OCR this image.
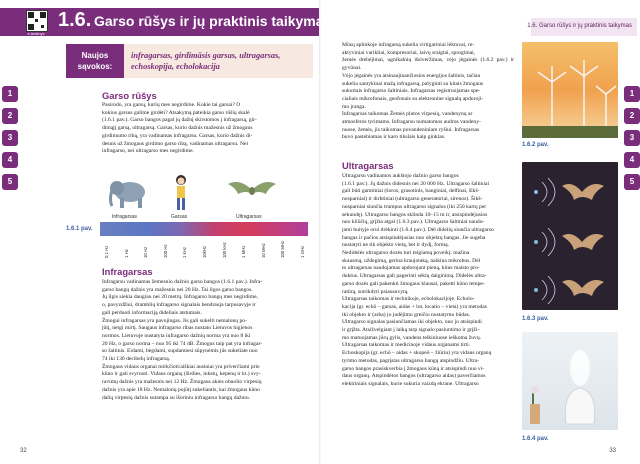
e-leidinys
1.6. Garso rūšys ir jų praktinis taikymas	1.6. Garso rūšys ir jų praktinis taikymas
Naujos sąvokos:
infragarsas, girdimāsis garsas, ultragarsas, echoskopija, echolokacija
1
2
3
4
5
1
2
3
4
5
Garso rūšys
Pasirodo, yra garsų, kurių mes negirdime. Kokie tai garsai? O
kokius garsus galime girdėti? Atsakymą pateikia garso rūšių skalė
(1.6.1 pav.). Garso bangos pagal jų dažnį skirstomos į infragarsą, gir-
dimąjį garsą, ultragarsą. Garsas, kurio dažnis mažesnis už žmogaus
girdimumo ribą, yra vadinamas infragarsu. Garsas, kurio dažnis di-
desnis už žmogaus girdimo garso ribą, vadinamas ultragarsu. Nei
infragarso, nei ultragarso mes negirdime.
Infragarsas	Garsas	Ultragarsas
0,1 Hz	1 Hz	10 Hz	100 Hz	1 kHz	10kHz	100 kHz	1 MHz	10 MHz	100 MHz	1 GHz
1.6.1 pav.
Infragarsas
Infragarsu vadinamas žemesnio dažnio garso bangos (1.6.1 pav.). Infra-
garso bangų dažnis yra mažesnis nei 20 Hz. Tai ilgos garso bangos.
Jų ilgis siekia daugiau nei 20 metrų. Infragarso bangų mes negirdime,
o, pavyzdžiui, dramblių infragarso signalais bendrauja tarpusavyje ir
gali perduoti informaciją dideliais atstumais.
Žmogui infragarsas yra pavojingas. Jis gali sukelti nemalonų po-
jūtį, netgi mirtį. Saugaus infragarso ribas nustato Lietuvos higienos
normos. Lietuvoje nustatyta infragarso dažnių norma yra nuo 8 iki
20 Hz, o garso norma – nuo 95 iki 74 dB. Žmogus taip pat yra infragar-
so šaltinis. Eidami, bėgdami, supdamiesi sūpynėmis jūs sukeliate nuo
74 iki 130 decibelų infragarsą.
Žmogaus vidaus organai mirkčioti/aiškiai ausiniai yra priverčiami prie
kūno ir gali svyruoti. Vidaus organų (širdies, inkstų, kepenų ir kt.) svy-
ravimų dažnis yra mažesnis nei 12 Hz. Žmogaus akies obuolio virpesių
dažnis yra apie 18 Hz. Nemalonų pojūtį sukeliantis, kai žmogaus kūno
dalių virpesių dažnis sutampa su išoriniu infragarso bangų dažniu.
32
Mūsų aplinkoje infragarsą sukelia virtigariniai lėktuvai, re-
aktyviniai varikliai, kompresoriai, laivų sraigtai, sprogimai,
žemės drebėjimai, ugnikalnių išsiveržimas, vėjo jėgainės (1.6.2 pav.) ir gyvūnai.
Vėjo jėgainės yra atsinaujinančiosios energijos šaltinis, tačiau
sukelia santykinai mažą infragarsą, palyginti su kitais žmogaus
sukurtais infragarso šaltiniais. Infragarsas registruojamas spe-
cialiais mikrofonais, geofonais su elektronine signalų apdoroji-
mo įranga.
Infragarsas taikomas Žemės plutos virpesių, vandenynų ar
atmosferos tyrimams. Infragarsu numatomos audros vandeny-
nuose, žemės, jis taikomas povandeniniam ryšiui. Infragarsas
buvo pastebiamas ir karo tikslais kaip ginklas.
1.6.2 pav.
Ultragarsas
Ultragarsu vadinamos aukštojo dažnio garso bangos
(1.6.1 pav.). Jų dažnis didesnis nei 20 000 Hz. Ultragarso šaltiniai
gali būti gamtiniai (šoros, grasotinis, banginiai, delfinai, šikš-
nosparniai) ir dirbtiniai (ultragarso generatoriai, sirenos). Šikš-
nosparniai siunčia trumpus ultragarso signalus (iki 250 kartų per
sekundę). Ultragarso bangos sklinda 10–15 m ir, atsispindėjusios
nuo kliūčių, grįžta atgal (1.6.3 pav.). Ultragarso šaltiniai naudo-
jami buityje orui drėkinti (1.6.4 pav.). Dėl didelių siunčia ultragarso
bangas ir pačios atsispindėjusias nuo objektų bangas. Jie sugeba
nustatyti ne tik objekto vietą, bet ir dydį, formą.
Nedidelės ultragarso dozės turi teigiamą poveikį: mažina
skausmą, uždegimą, gerina kraujotaką, naikina mikrobus. Dėl
to ultragarsas naudojamas apdorojant pieną, kitus maisto pro-
duktus. Ultragarsas gali pagerinti sėklų daiginimą. Didelės ultra-
garso dozės gali pakenkti žmogaus klausai, paketti kūno tempe-
ratūrą, sutrikdyti psiausuvytą.
Ultragarsas taikomas ir technikoje, echolokacijoje. Echolo-
kacija (gr. echō – garsas, aidas + lot. locatio – vieta) yra metodas
iki objekto ir (arba) jo judėjimo greičio nustatymo būdas.
Ultragarso signalas pasiunčiamas iki objekto, nuo jo atsispindi
ir grįžta. Atsižvelgiant į laiką tarp signalo pasiuntimo ir grįži-
mo matuojamas jūrų gylis, vandens telkiniuose ieškoma žuvų.
Ultragarsas taikomas ir medicinoje vidaus organams tirti.
Echoskopija (gr. echō – aidas + skopeō – žiūriu) yra vidaus organų
tyrimo metodas, pagrįstas ultragarso bangų atspindžiu. Ultra-
garso bangos prasiskverbia į žmogaus kūną ir atsispindi nuo vi-
daus organų. Atspindėtos bangos (ultragarso aidas) paverčiamos
elektriniais signalais, kurie sukuria vaizdą ekrane. Ultragarso
1.6.3 pav.
1.6.4 pav.
33
